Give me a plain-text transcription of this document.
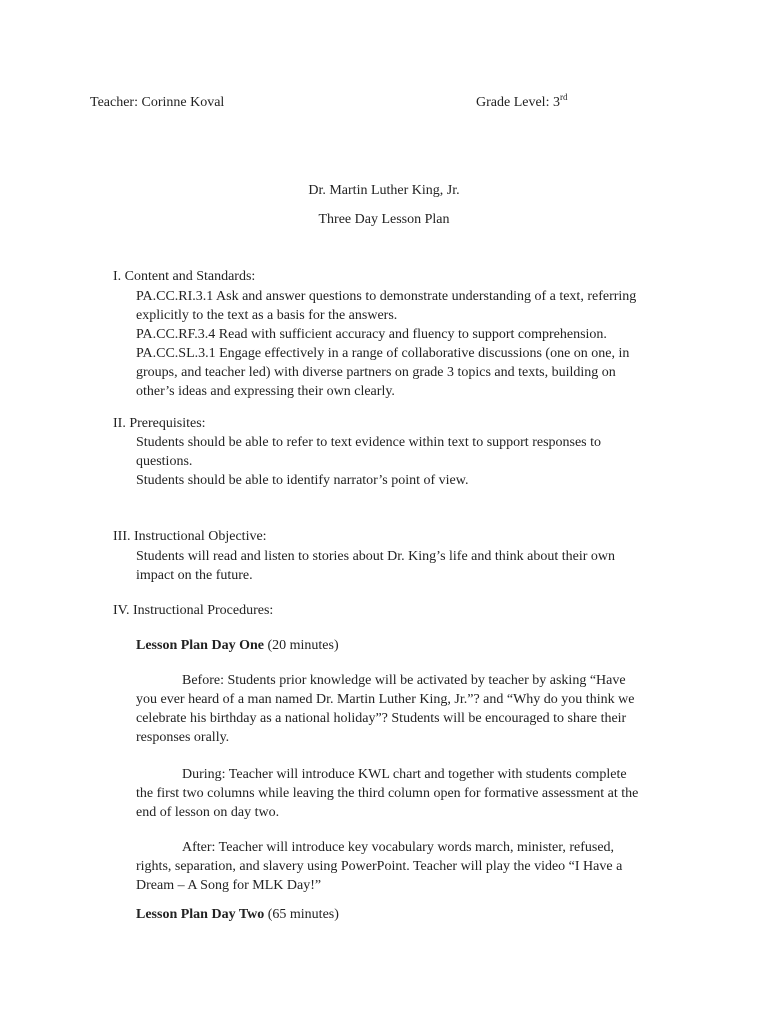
Teacher: Corinne Koval	Grade Level: 3rd
Dr. Martin Luther King, Jr.
Three Day Lesson Plan
I. Content and Standards:

PA.CC.RI.3.1 Ask and answer questions to demonstrate understanding of a text, referring

explicitly to the text as a basis for the answers.

PA.CC.RF.3.4 Read with sufficient accuracy and fluency to support comprehension.

PA.CC.SL.3.1 Engage effectively in a range of collaborative discussions (one on one, in

groups, and teacher led) with diverse partners on grade 3 topics and texts, building on

other’s ideas and expressing their own clearly.

II. Prerequisites:

Students should be able to refer to text evidence within text to support responses to

questions.

Students should be able to identify narrator’s point of view.

III. Instructional Objective:

Students will read and listen to stories about Dr. King’s life and think about their own

impact on the future.

IV. Instructional Procedures:
Lesson Plan Day One (20 minutes)

Before: Students prior knowledge will be activated by teacher by asking “Have

you ever heard of a man named Dr. Martin Luther King, Jr.”? and “Why do you think we

celebrate his birthday as a national holiday”? Students will be encouraged to share their

responses orally.

During: Teacher will introduce KWL chart and together with students complete

the first two columns while leaving the third column open for formative assessment at the

end of lesson on day two.

After: Teacher will introduce key vocabulary words march, minister, refused,

rights, separation, and slavery using PowerPoint. Teacher will play the video “I Have a

Dream – A Song for MLK Day!”

Lesson Plan Day Two (65 minutes)
